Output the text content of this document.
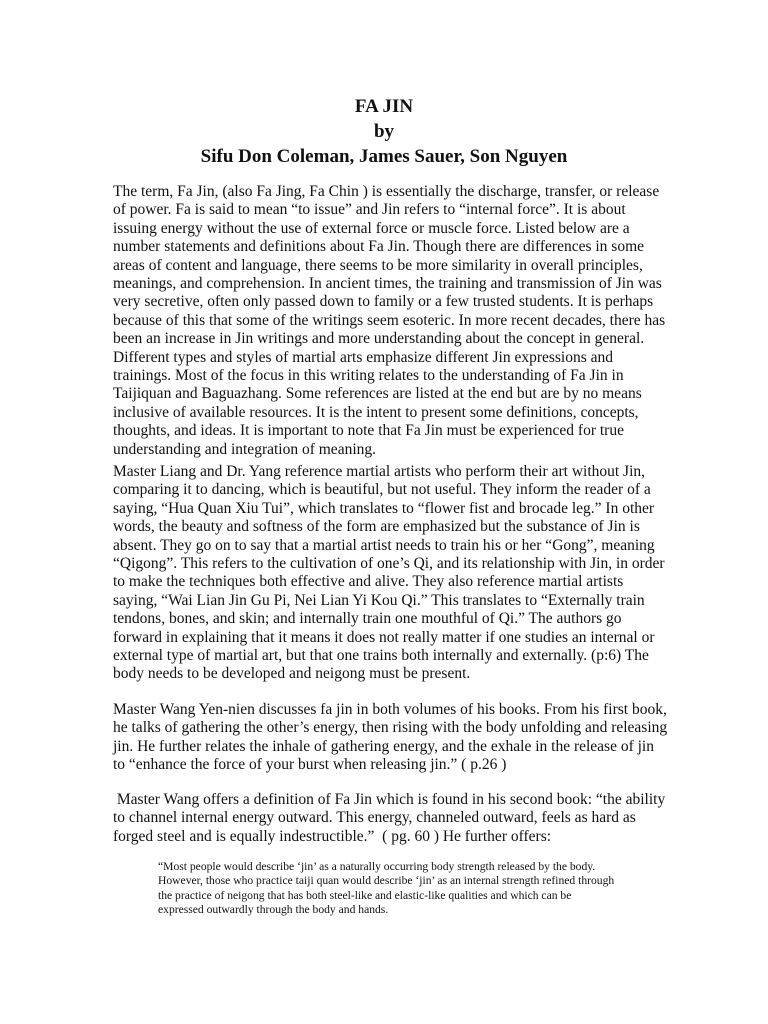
FA JIN
by
Sifu Don Coleman, James Sauer, Son Nguyen
The term, Fa Jin, (also Fa Jing, Fa Chin ) is essentially the discharge, transfer, or release
of power. Fa is said to mean “to issue” and Jin refers to “internal force”. It is about
issuing energy without the use of external force or muscle force. Listed below are a
number statements and definitions about Fa Jin. Though there are differences in some
areas of content and language, there seems to be more similarity in overall principles,
meanings, and comprehension. In ancient times, the training and transmission of Jin was
very secretive, often only passed down to family or a few trusted students. It is perhaps
because of this that some of the writings seem esoteric. In more recent decades, there has
been an increase in Jin writings and more understanding about the concept in general.
Different types and styles of martial arts emphasize different Jin expressions and
trainings. Most of the focus in this writing relates to the understanding of Fa Jin in
Taijiquan and Baguazhang. Some references are listed at the end but are by no means
inclusive of available resources. It is the intent to present some definitions, concepts,
thoughts, and ideas. It is important to note that Fa Jin must be experienced for true
understanding and integration of meaning.
Master Liang and Dr. Yang reference martial artists who perform their art without Jin,
comparing it to dancing, which is beautiful, but not useful. They inform the reader of a
saying, “Hua Quan Xiu Tui”, which translates to “flower fist and brocade leg.” In other
words, the beauty and softness of the form are emphasized but the substance of Jin is
absent. They go on to say that a martial artist needs to train his or her “Gong”, meaning
“Qigong”. This refers to the cultivation of one’s Qi, and its relationship with Jin, in order
to make the techniques both effective and alive. They also reference martial artists
saying, “Wai Lian Jin Gu Pi, Nei Lian Yi Kou Qi.” This translates to “Externally train
tendons, bones, and skin; and internally train one mouthful of Qi.” The authors go
forward in explaining that it means it does not really matter if one studies an internal or
external type of martial art, but that one trains both internally and externally. (p:6) The
body needs to be developed and neigong must be present.
Master Wang Yen-nien discusses fa jin in both volumes of his books. From his first book,
he talks of gathering the other’s energy, then rising with the body unfolding and releasing
jin. He further relates the inhale of gathering energy, and the exhale in the release of jin
to “enhance the force of your burst when releasing jin.” ( p.26 )
Master Wang offers a definition of Fa Jin which is found in his second book: “the ability
to channel internal energy outward. This energy, channeled outward, feels as hard as
forged steel and is equally indestructible.”  ( pg. 60 ) He further offers:
“Most people would describe ‘jin’ as a naturally occurring body strength released by the body.
However, those who practice taiji quan would describe ‘jin’ as an internal strength refined through
the practice of neigong that has both steel-like and elastic-like qualities and which can be
expressed outwardly through the body and hands.
